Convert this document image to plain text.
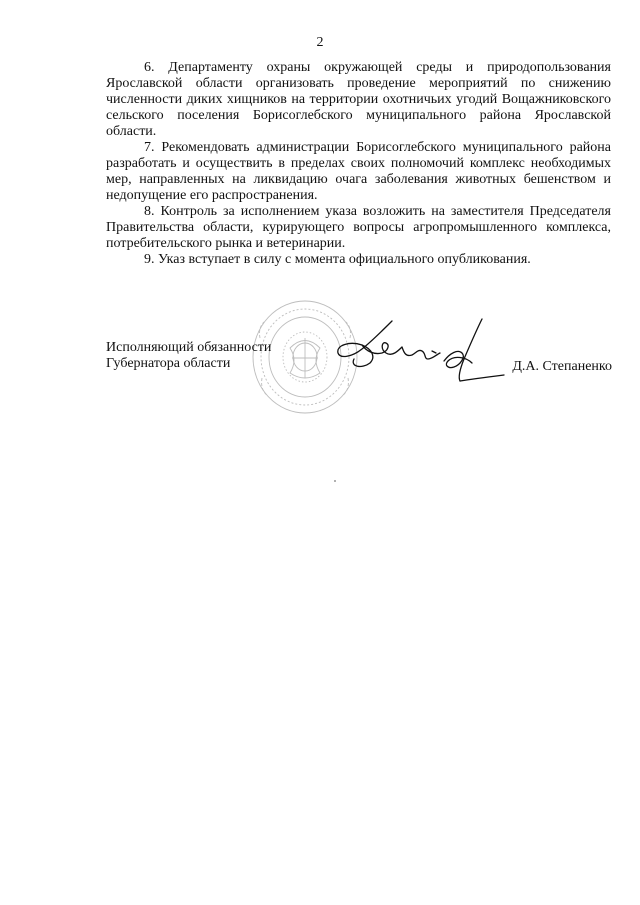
2

6. Департаменту охраны окружающей среды и природопользования Ярославской области организовать проведение мероприятий по снижению численности диких хищников на территории охотничьих угодий Вощажниковского сельского поселения Борисоглебского муниципального района Ярославской области.

7. Рекомендовать администрации Борисоглебского муниципального района разработать и осуществить в пределах своих полномочий комплекс необходимых мер, направленных на ликвидацию очага заболевания животных бешенством и недопущение его распространения.

8. Контроль за исполнением указа возложить на заместителя Председателя Правительства области, курирующего вопросы агропромышленного комплекса, потребительского рынка и ветеринарии.

9. Указ вступает в силу с момента официального опубликования.

Исполняющий обязанности
Губернатора области	Д.А. Степаненко
